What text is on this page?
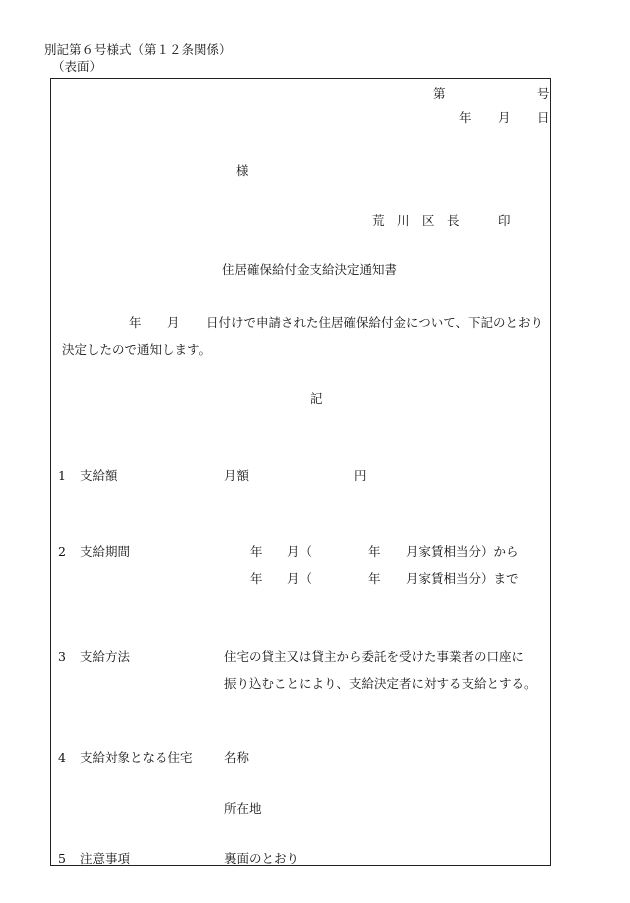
別記第６号様式（第１２条関係）
（表面）
第	号
年 月 日
様
荒　川　区　長	印
住居確保給付金支給決定通知書
年 月 日付けで申請された住居確保給付金について、下記のとおり
決定したので通知します。
記
1 支給額	月額	円
2 支給期間	年 月（	年 月家賃相当分）から
年 月（	年 月家賃相当分）まで
3 支給方法	住宅の貸主又は貸主から委託を受けた事業者の口座に
振り込むことにより、支給決定者に対する支給とする。
4 支給対象となる住宅	名称
所在地
5 注意事項	裏面のとおり
